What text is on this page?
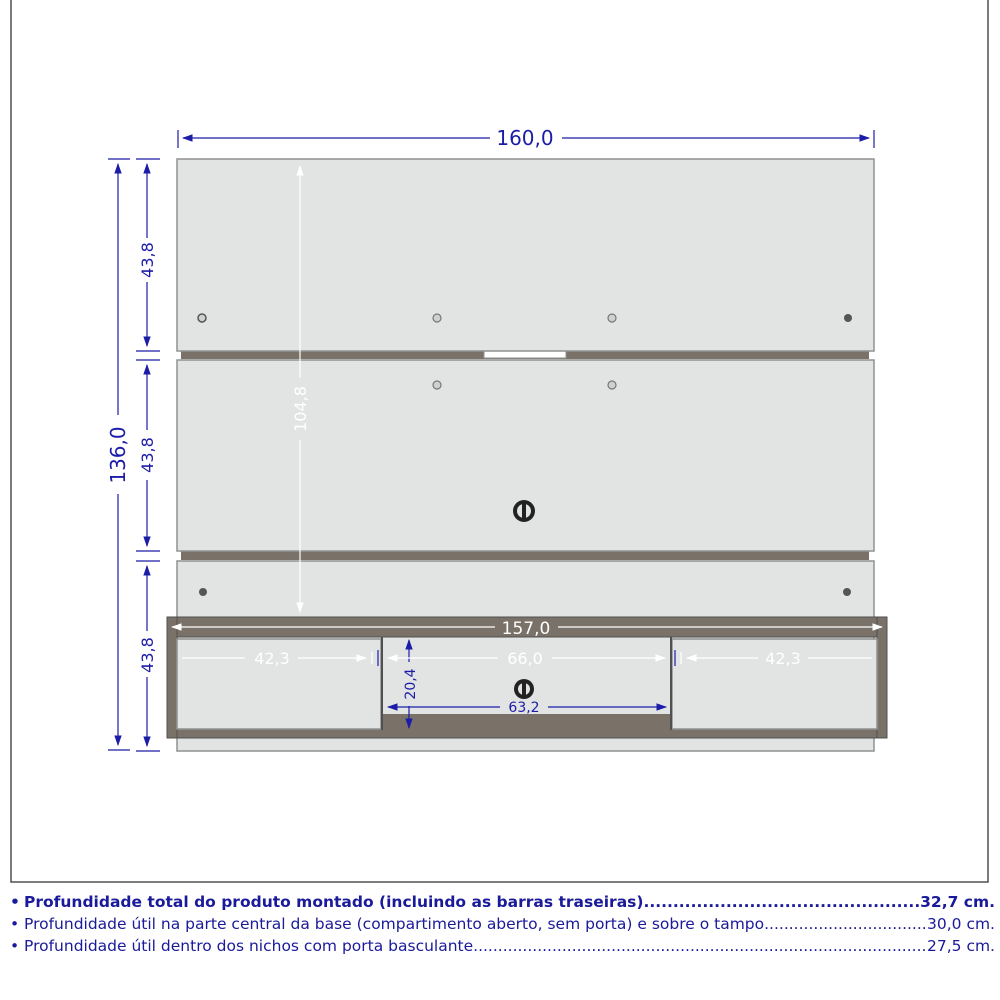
160,0
136,0
43,8
43,8
43,8
104,8
157,0
42,3	66,0	42,3
20,4
63,2
• Profundidade total do produto montado (incluindo as barras traseiras) .....	32,7 cm.
• Profundidade útil na parte central da base (compartimento aberto, sem porta) e sobre o tampo .....	30,0 cm.
• Profundidade útil dentro dos nichos com porta basculante .....	27,5 cm.
